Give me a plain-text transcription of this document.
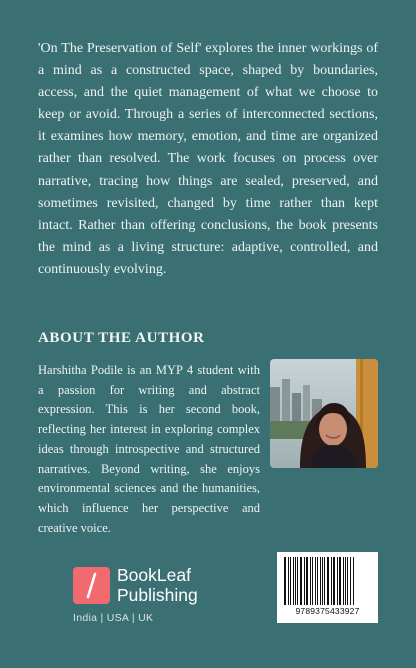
'On The Preservation of Self' explores the inner workings of a mind as a constructed space, shaped by boundaries, access, and the quiet management of what we choose to keep or avoid. Through a series of interconnected sections, it examines how memory, emotion, and time are organized rather than resolved. The work focuses on process over narrative, tracing how things are sealed, preserved, and sometimes revisited, changed by time rather than kept intact. Rather than offering conclusions, the book presents the mind as a living structure: adaptive, controlled, and continuously evolving.

ABOUT THE AUTHOR

Harshitha Podile is an MYP 4 student with a passion for writing and abstract expression. This is her second book, reflecting her interest in exploring complex ideas through introspective and structured narratives. Beyond writing, she enjoys environmental sciences and the humanities, which influence her perspective and creative voice.

BookLeaf
Publishing
India | USA | UK
9789375433927
